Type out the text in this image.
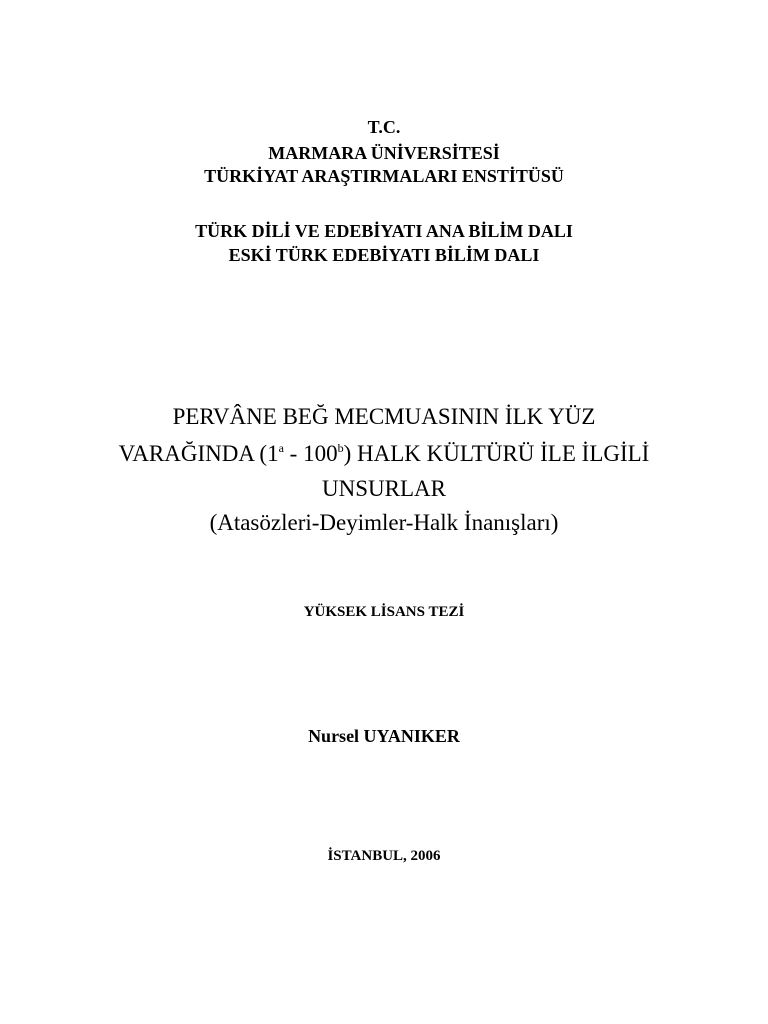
T.C.
MARMARA ÜNİVERSİTESİ
TÜRKİYAT ARAŞTIRMALARI ENSTİTÜSÜ
TÜRK DİLİ VE EDEBİYATI ANA BİLİM DALI
ESKİ TÜRK EDEBİYATI BİLİM DALI
PERVÂNE BEĞ MECMUASININ İLK YÜZ
VARAĞINDA (1$^a$ - 100$^b$) HALK KÜLTÜRÜ İLE İLGİLİ
UNSURLAR
(Atasözleri-Deyimler-Halk İnanışları)
YÜKSEK LİSANS TEZİ
Nursel UYANIKER
İSTANBUL, 2006
